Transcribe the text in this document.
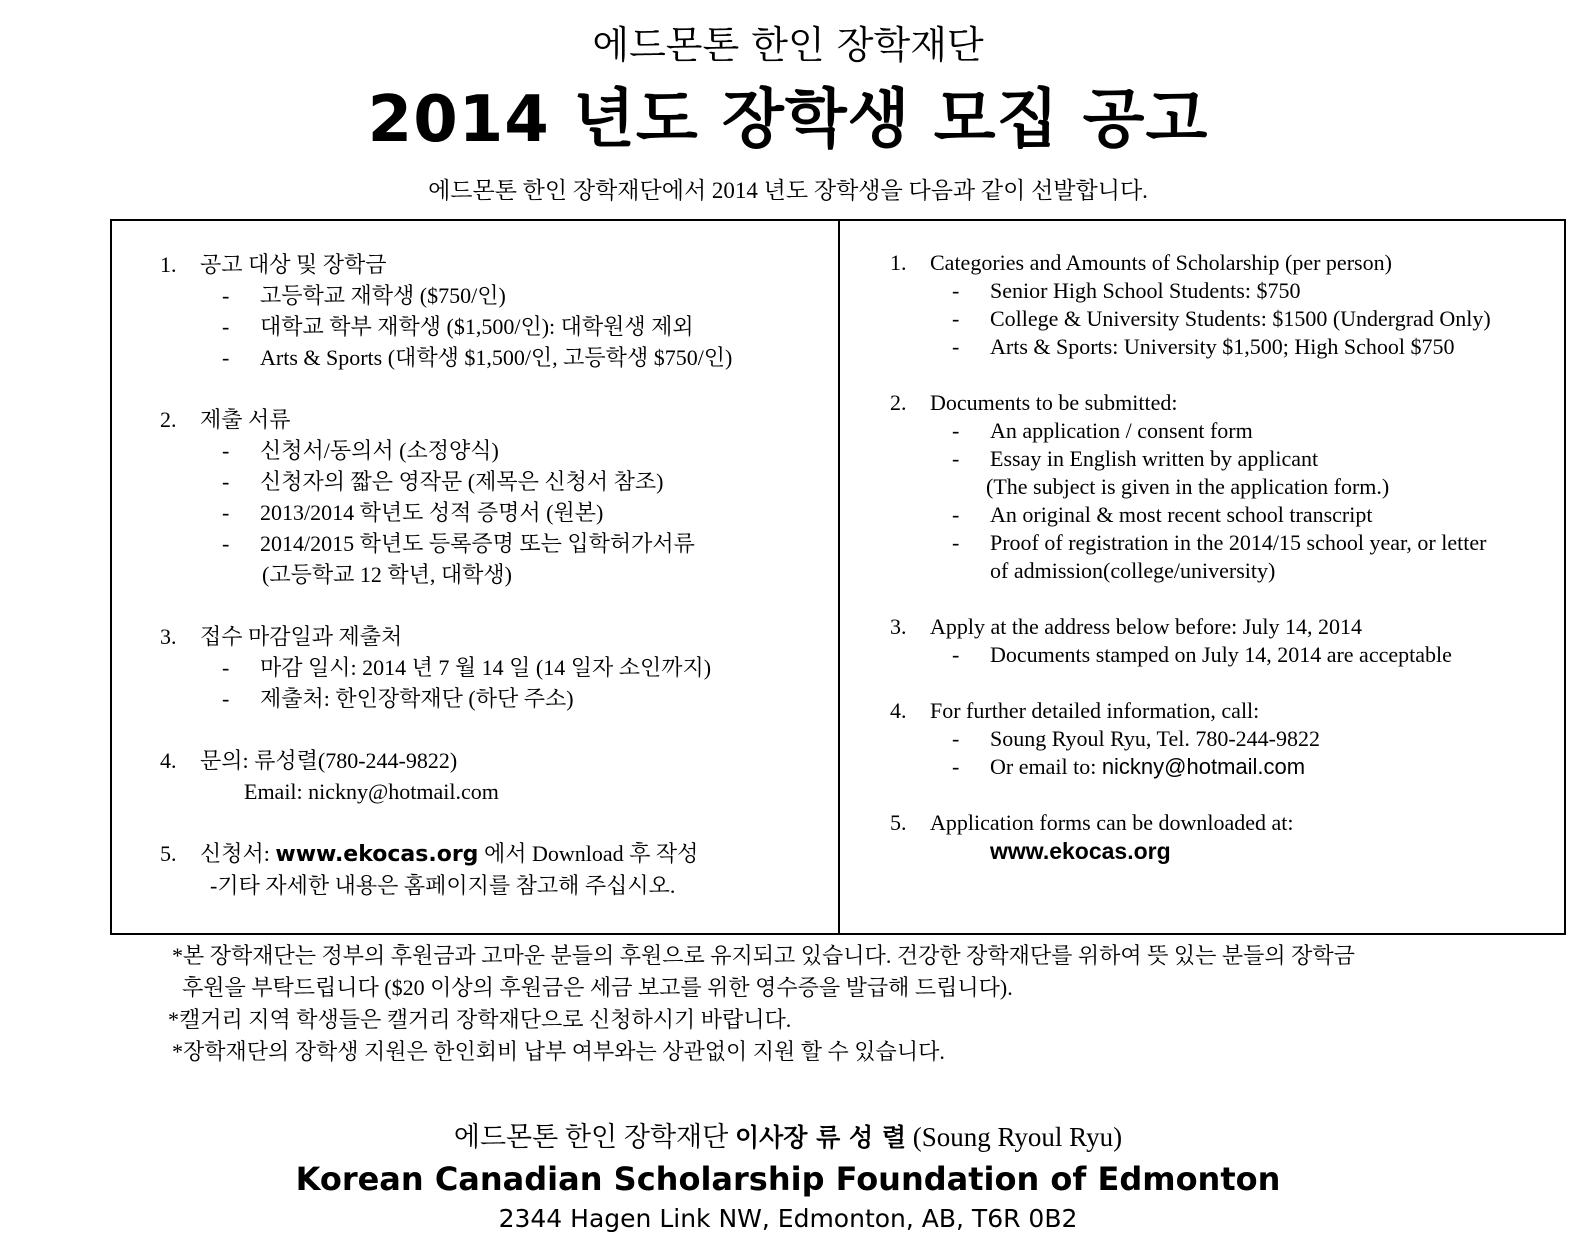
에드몬톤 한인 장학재단
2014 년도 장학생 모집 공고
에드몬톤 한인 장학재단에서 2014 년도 장학생을 다음과 같이 선발합니다.
1.	공고 대상 및 장학금
-	고등학교 재학생 ($750/인)
-	대학교 학부 재학생 ($1,500/인): 대학원생 제외
-	Arts & Sports (대학생 $1,500/인, 고등학생 $750/인)
2.	제출 서류
-	신청서/동의서 (소정양식)
-	신청자의 짧은 영작문 (제목은 신청서 참조)
-	2013/2014 학년도 성적 증명서 (원본)
-	2014/2015 학년도 등록증명 또는 입학허가서류
(고등학교 12 학년, 대학생)
3.	접수 마감일과 제출처
-	마감 일시: 2014 년 7 월 14 일 (14 일자 소인까지)
-	제출처: 한인장학재단 (하단 주소)
4.	문의: 류성렬(780-244-9822)
Email: nickny@hotmail.com
5.	신청서: www.ekocas.org 에서 Download 후 작성
-기타 자세한 내용은 홈페이지를 참고해 주십시오.
1.	Categories and Amounts of Scholarship (per person)
-	Senior High School Students: $750
-	College & University Students: $1500 (Undergrad Only)
-	Arts & Sports: University $1,500; High School $750
2.	Documents to be submitted:
-	An application / consent form
-	Essay in English written by applicant
(The subject is given in the application form.)
-	An original & most recent school transcript
-	Proof of registration in the 2014/15 school year, or letter
of admission(college/university)
3.	Apply at the address below before: July 14, 2014
-	Documents stamped on July 14, 2014 are acceptable
4.	For further detailed information, call:
-	Soung Ryoul Ryu, Tel. 780-244-9822
-	Or email to: nickny@hotmail.com
5.	Application forms can be downloaded at:
www.ekocas.org
*본 장학재단는 정부의 후원금과 고마운 분들의 후원으로 유지되고 있습니다. 건강한 장학재단를 위하여 뜻 있는 분들의 장학금
후원을 부탁드립니다 ($20 이상의 후원금은 세금 보고를 위한 영수증을 발급해 드립니다).
*캘거리 지역 학생들은 캘거리 장학재단으로 신청하시기 바랍니다.
*장학재단의 장학생 지원은 한인회비 납부 여부와는 상관없이 지원 할 수 있습니다.
에드몬톤 한인 장학재단 이사장 류 성 렬 (Soung Ryoul Ryu)
Korean Canadian Scholarship Foundation of Edmonton
2344 Hagen Link NW, Edmonton, AB, T6R 0B2
